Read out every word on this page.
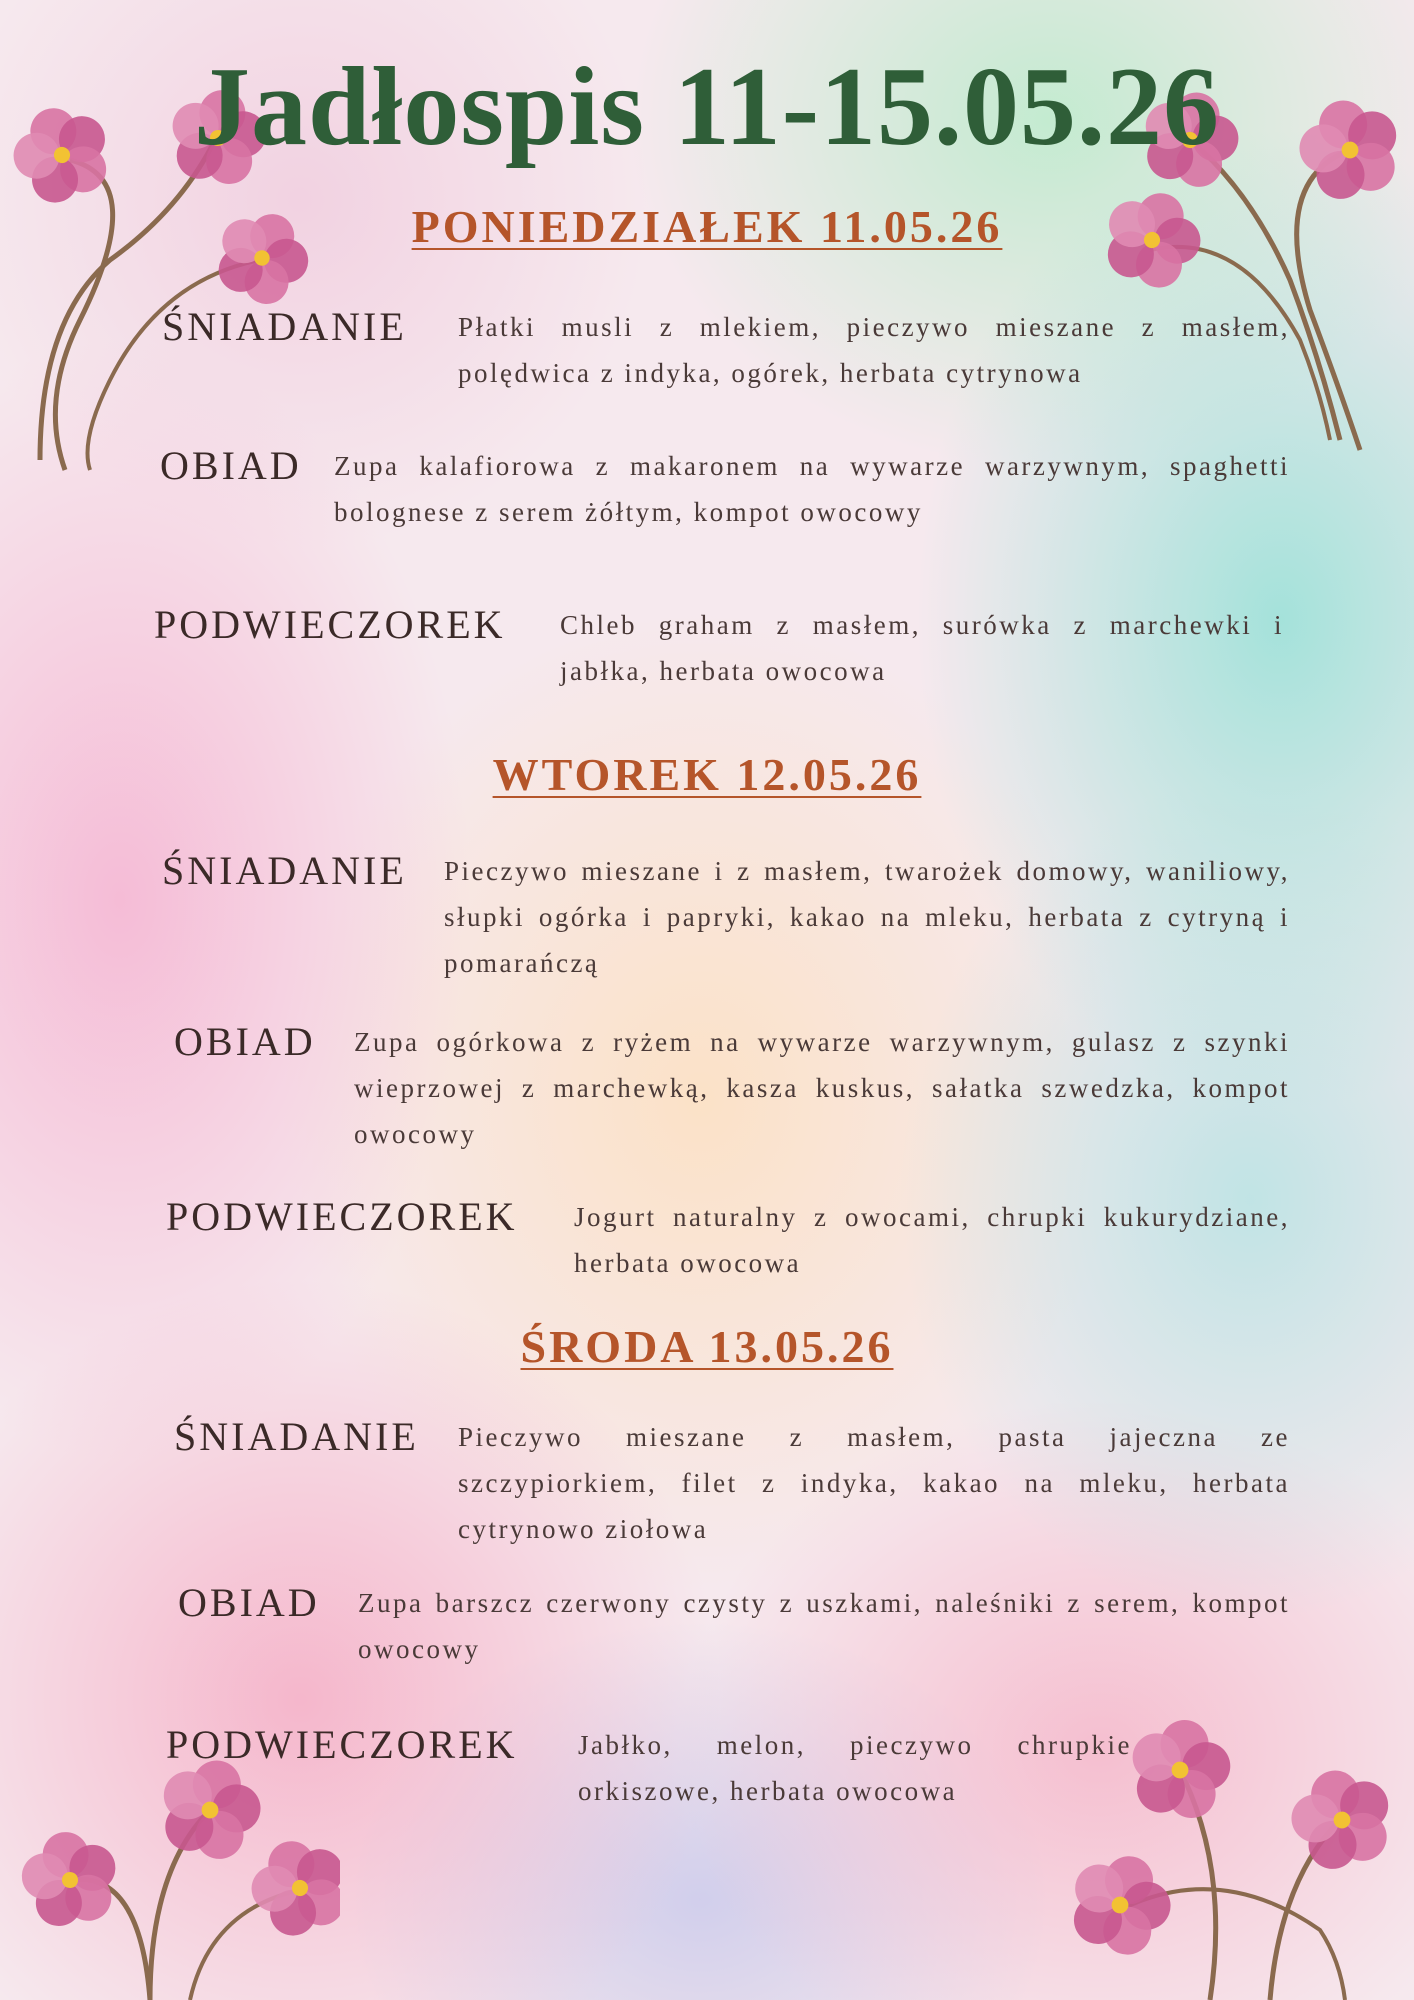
Jadłospis 11-15.05.26
PONIEDZIAŁEK 11.05.26
ŚNIADANIE Płatki musli z mlekiem, pieczywo mieszane z masłem, polędwica z indyka, ogórek, herbata cytrynowa
OBIAD Zupa kalafiorowa z makaronem na wywarze warzywnym, spaghetti bolognese z serem żółtym, kompot owocowy
PODWIECZOREK Chleb graham z masłem, surówka z marchewki i jabłka, herbata owocowa
WTOREK 12.05.26
ŚNIADANIE Pieczywo mieszane i z masłem, twarożek domowy, waniliowy, słupki ogórka i papryki, kakao na mleku, herbata z cytryną i pomarańczą
OBIAD Zupa ogórkowa z ryżem na wywarze warzywnym, gulasz z szynki wieprzowej z marchewką, kasza kuskus, sałatka szwedzka, kompot owocowy
PODWIECZOREK Jogurt naturalny z owocami, chrupki kukurydziane, herbata owocowa
ŚRODA 13.05.26
ŚNIADANIE Pieczywo mieszane z masłem, pasta jajeczna ze szczypiorkiem, filet z indyka, kakao na mleku, herbata cytrynowo ziołowa
OBIAD Zupa barszcz czerwony czysty z uszkami, naleśniki z serem, kompot owocowy
PODWIECZOREK Jabłko, melon, pieczywo chrupkie orkiszowe, herbata owocowa
